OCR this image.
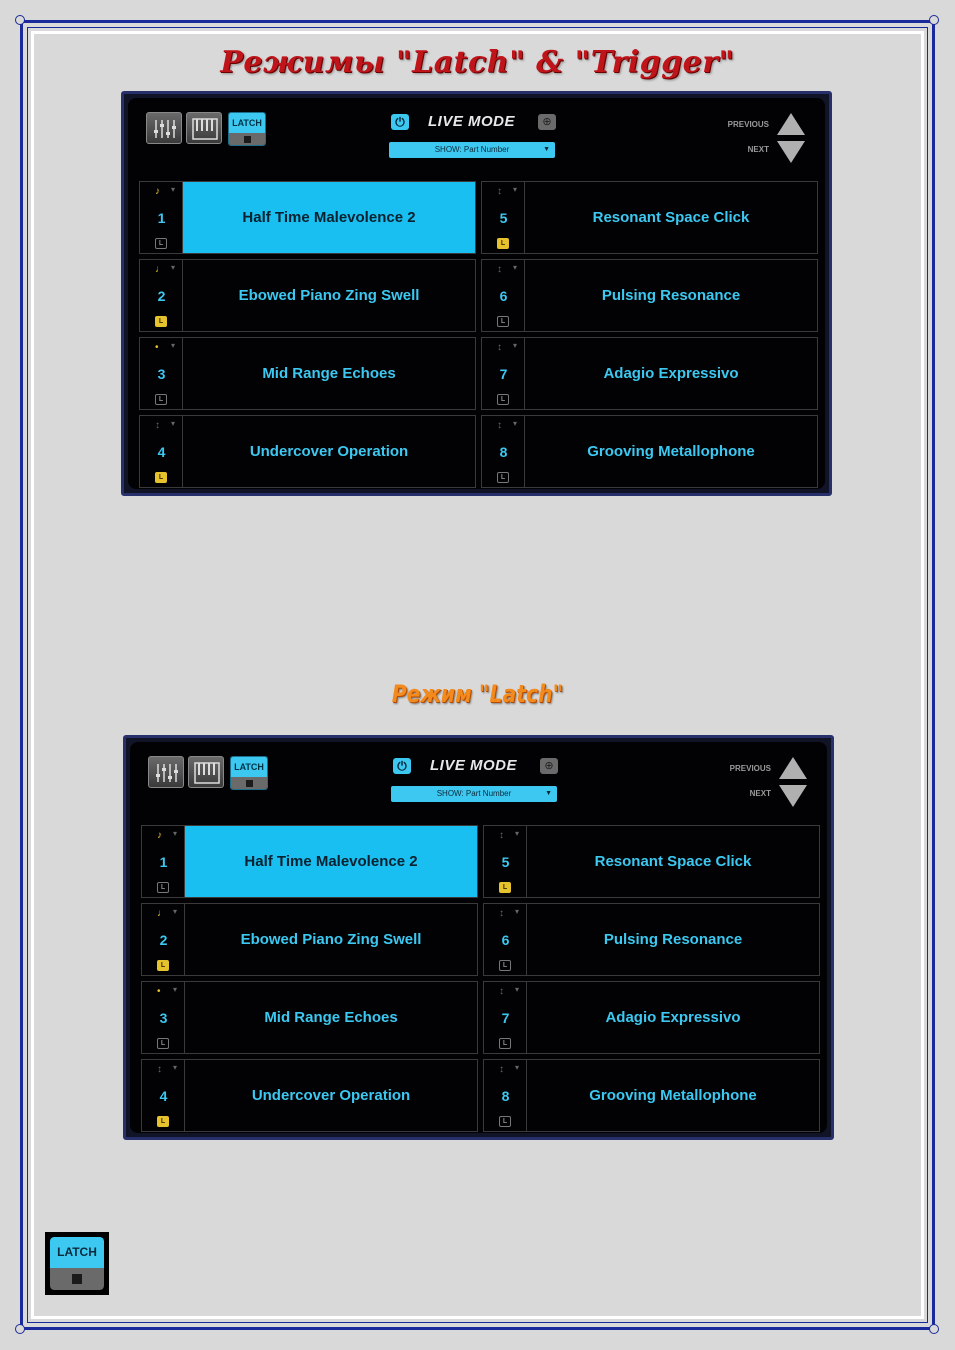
Режимы "Latch" & "Trigger"
LATCH	⏻ LIVE MODE	⊕
SHOW: Part Number	▼
PREVIOUS
NEXT
♪ ▾
1
L
Half Time Malevolence 2
♩ ▾
2
L
Ebowed Piano Zing Swell
• ▾
3
L
Mid Range Echoes
↕ ▾
4
L
Undercover Operation
↕ ▾
5
L
Resonant Space Click
↕ ▾
6
L
Pulsing Resonance
↕ ▾
7
L
Adagio Expressivo
↕ ▾
8
L
Grooving Metallophone
Режим "Latch"
LATCH	⏻ LIVE MODE	⊕
SHOW: Part Number	▼
PREVIOUS
NEXT
♪ ▾
1
L
Half Time Malevolence 2
♩ ▾
2
L
Ebowed Piano Zing Swell
• ▾
3
L
Mid Range Echoes
↕ ▾
4
L
Undercover Operation
↕ ▾
5
L
Resonant Space Click
↕ ▾
6
L
Pulsing Resonance
↕ ▾
7
L
Adagio Expressivo
↕ ▾
8
L
Grooving Metallophone
LATCH
